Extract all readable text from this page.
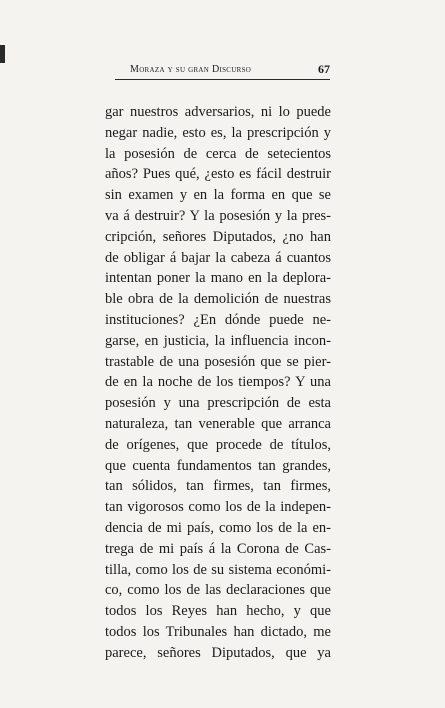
Moraza y su gran Discurso	67
gar nuestros adversarios, ni lo puede
negar nadie, esto es, la prescripción y
la posesión de cerca de setecientos
años? Pues qué, ¿esto es fácil destruir
sin examen y en la forma en que se
va á destruir? Y la posesión y la pres-
cripción, señores Diputados, ¿no han
de obligar á bajar la cabeza á cuantos
intentan poner la mano en la deplora-
ble obra de la demolición de nuestras
instituciones? ¿En dónde puede ne-
garse, en justicia, la influencia incon-
trastable de una posesión que se pier-
de en la noche de los tiempos? Y una
posesión y una prescripción de esta
naturaleza, tan venerable que arranca
de orígenes, que procede de títulos,
que cuenta fundamentos tan grandes,
tan sólidos, tan firmes, tan firmes,
tan vigorosos como los de la indepen-
dencia de mi país, como los de la en-
trega de mi país á la Corona de Cas-
tilla, como los de su sistema económi-
co, como los de las declaraciones que
todos los Reyes han hecho, y que
todos los Tribunales han dictado, me
parece, señores Diputados, que ya
